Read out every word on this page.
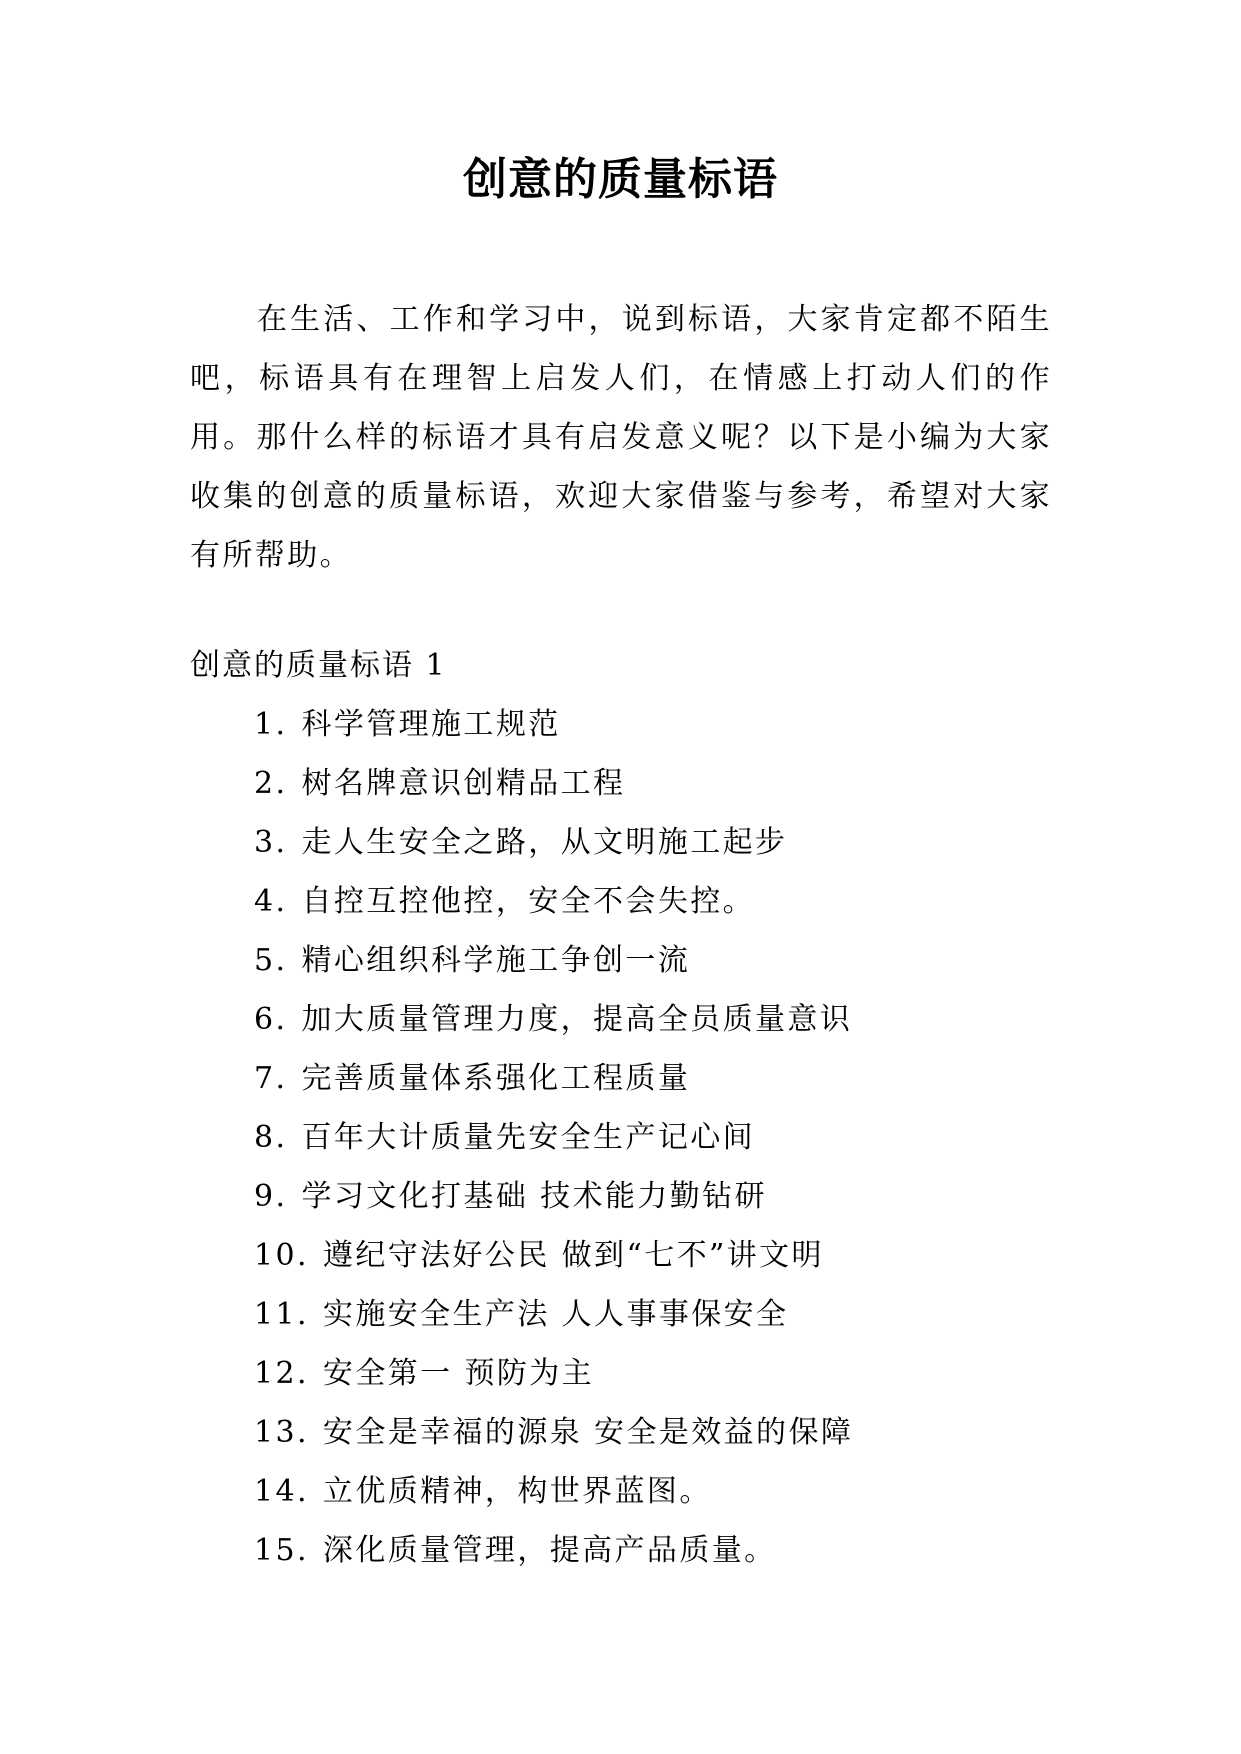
创意的质量标语

在生活、工作和学习中，说到标语，大家肯定都不陌生吧，标语具有在理智上启发人们，在情感上打动人们的作用。那什么样的标语才具有启发意义呢？以下是小编为大家收集的创意的质量标语，欢迎大家借鉴与参考，希望对大家有所帮助。

创意的质量标语 1
1. 科学管理施工规范
2. 树名牌意识创精品工程
3. 走人生安全之路，从文明施工起步
4. 自控互控他控，安全不会失控。
5. 精心组织科学施工争创一流
6. 加大质量管理力度，提高全员质量意识
7. 完善质量体系强化工程质量
8. 百年大计质量先安全生产记心间
9. 学习文化打基础 技术能力勤钻研
10. 遵纪守法好公民 做到“七不”讲文明
11. 实施安全生产法 人人事事保安全
12. 安全第一 预防为主
13. 安全是幸福的源泉 安全是效益的保障
14. 立优质精神，构世界蓝图。
15. 深化质量管理，提高产品质量。
